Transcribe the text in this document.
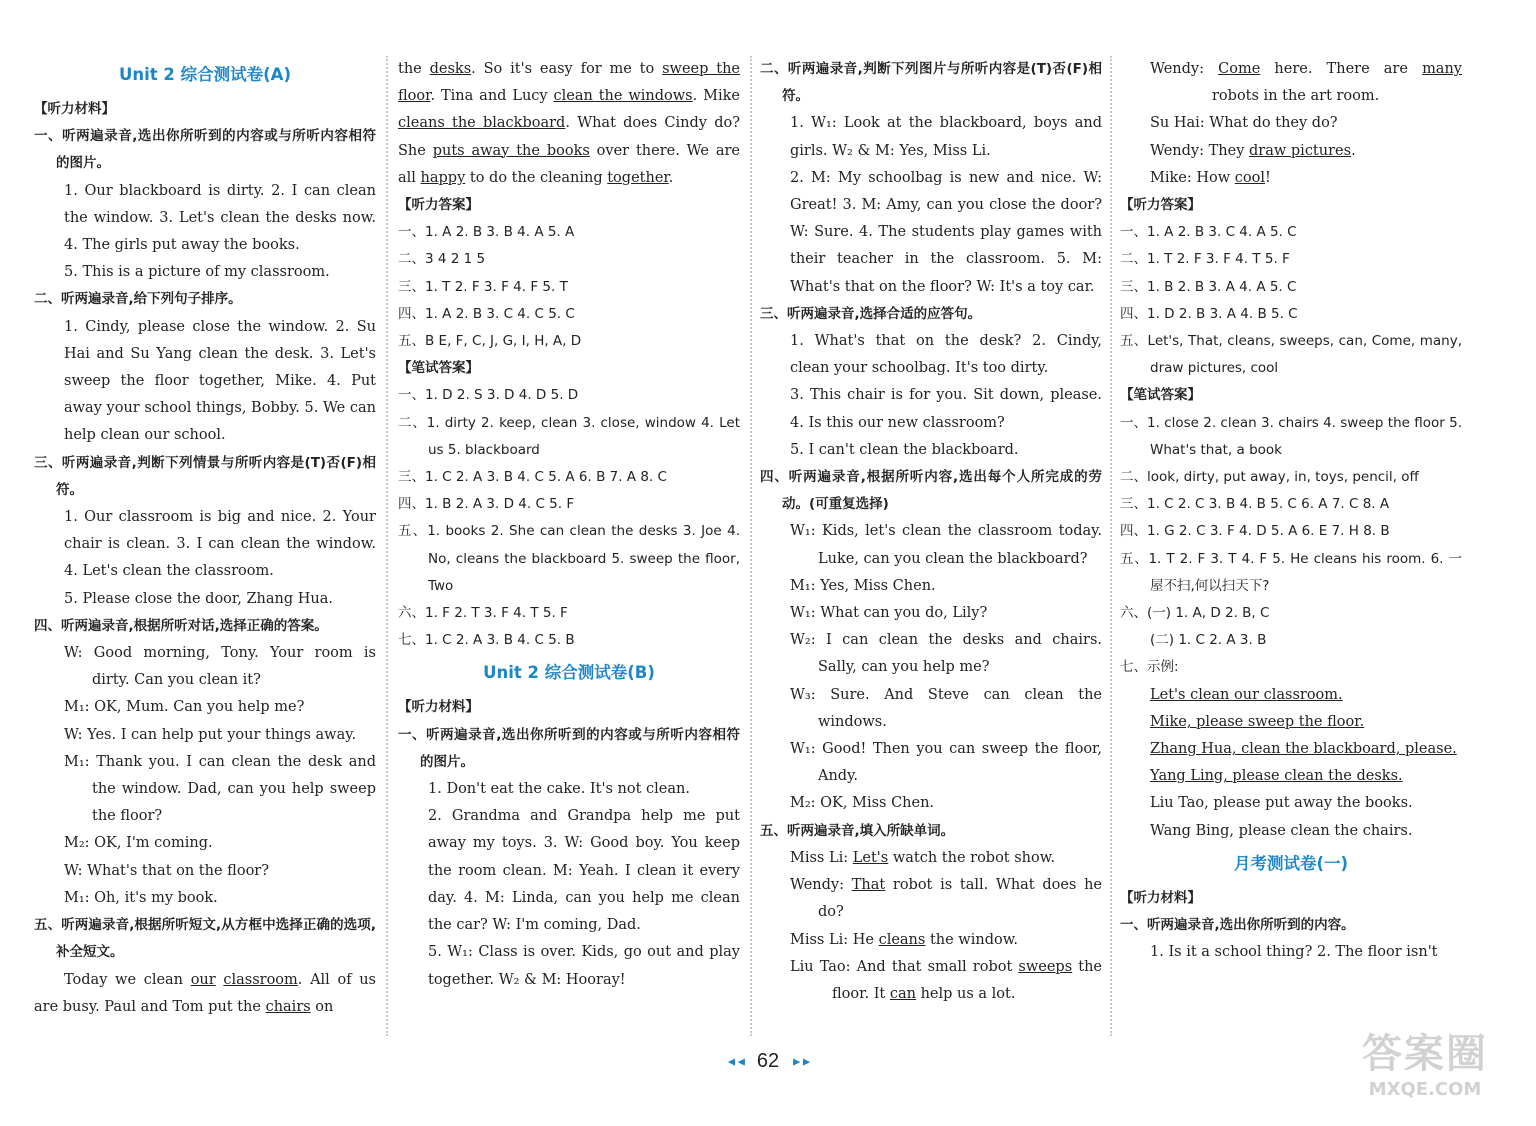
Unit 2 综合测试卷(A)
【听力材料】
一、听两遍录音,选出你所听到的内容或与所听内容相符的图片。
1. Our blackboard is dirty. 2. I can clean the window. 3. Let's clean the desks now. 4. The girls put away the books.
5. This is a picture of my classroom.
二、听两遍录音,给下列句子排序。
1. Cindy, please close the window. 2. Su Hai and Su Yang clean the desk. 3. Let's sweep the floor together, Mike. 4. Put away your school things, Bobby. 5. We can help clean our school.
三、听两遍录音,判断下列情景与所听内容是(T)否(F)相符。
1. Our classroom is big and nice. 2. Your chair is clean. 3. I can clean the window. 4. Let's clean the classroom.
5. Please close the door, Zhang Hua.
四、听两遍录音,根据所听对话,选择正确的答案。
W: Good morning, Tony. Your room is dirty. Can you clean it?
M₁: OK, Mum. Can you help me?
W: Yes. I can help put your things away.
M₁: Thank you. I can clean the desk and the window. Dad, can you help sweep the floor?
M₂: OK, I'm coming.
W: What's that on the floor?
M₁: Oh, it's my book.
五、听两遍录音,根据所听短文,从方框中选择正确的选项,补全短文。
Today we clean our classroom. All of us are busy. Paul and Tom put the chairs on
the desks. So it's easy for me to sweep the floor. Tina and Lucy clean the windows. Mike cleans the blackboard. What does Cindy do? She puts away the books over there. We are all happy to do the cleaning together.
【听力答案】
一、1. A 2. B 3. B 4. A 5. A
二、3 4 2 1 5
三、1. T 2. F 3. F 4. F 5. T
四、1. A 2. B 3. C 4. C 5. C
五、B E, F, C, J, G, I, H, A, D
【笔试答案】
一、1. D 2. S 3. D 4. D 5. D
二、1. dirty 2. keep, clean 3. close, window 4. Let us 5. blackboard
三、1. C 2. A 3. B 4. C 5. A 6. B 7. A 8. C
四、1. B 2. A 3. D 4. C 5. F
五、1. books 2. She can clean the desks 3. Joe 4. No, cleans the blackboard 5. sweep the floor, Two
六、1. F 2. T 3. F 4. T 5. F
七、1. C 2. A 3. B 4. C 5. B
Unit 2 综合测试卷(B)
【听力材料】
一、听两遍录音,选出你所听到的内容或与所听内容相符的图片。
1. Don't eat the cake. It's not clean.
2. Grandma and Grandpa help me put away my toys. 3. W: Good boy. You keep the room clean. M: Yeah. I clean it every day. 4. M: Linda, can you help me clean the car? W: I'm coming, Dad.
5. W₁: Class is over. Kids, go out and play together. W₂ & M: Hooray!
二、听两遍录音,判断下列图片与所听内容是(T)否(F)相符。
1. W₁: Look at the blackboard, boys and girls. W₂ & M: Yes, Miss Li.
2. M: My schoolbag is new and nice. W: Great! 3. M: Amy, can you close the door? W: Sure. 4. The students play games with their teacher in the classroom. 5. M: What's that on the floor? W: It's a toy car.
三、听两遍录音,选择合适的应答句。
1. What's that on the desk? 2. Cindy, clean your schoolbag. It's too dirty.
3. This chair is for you. Sit down, please. 4. Is this our new classroom?
5. I can't clean the blackboard.
四、听两遍录音,根据所听内容,选出每个人所完成的劳动。(可重复选择)
W₁: Kids, let's clean the classroom today. Luke, can you clean the blackboard?
M₁: Yes, Miss Chen.
W₁: What can you do, Lily?
W₂: I can clean the desks and chairs. Sally, can you help me?
W₃: Sure. And Steve can clean the windows.
W₁: Good! Then you can sweep the floor, Andy.
M₂: OK, Miss Chen.
五、听两遍录音,填入所缺单词。
Miss Li: Let's watch the robot show.
Wendy: That robot is tall. What does he do?
Miss Li: He cleans the window.
Liu Tao: And that small robot sweeps the floor. It can help us a lot.
Wendy: Come here. There are many robots in the art room.
Su Hai: What do they do?
Wendy: They draw pictures.
Mike: How cool!
【听力答案】
一、1. A 2. B 3. C 4. A 5. C
二、1. T 2. F 3. F 4. T 5. F
三、1. B 2. B 3. A 4. A 5. C
四、1. D 2. B 3. A 4. B 5. C
五、Let's, That, cleans, sweeps, can, Come, many, draw pictures, cool
【笔试答案】
一、1. close 2. clean 3. chairs 4. sweep the floor 5. What's that, a book
二、look, dirty, put away, in, toys, pencil, off
三、1. C 2. C 3. B 4. B 5. C 6. A 7. C 8. A
四、1. G 2. C 3. F 4. D 5. A 6. E 7. H 8. B
五、1. T 2. F 3. T 4. F 5. He cleans his room. 6. 一屋不扫,何以扫天下?
六、(一) 1. A, D 2. B, C
(二) 1. C 2. A 3. B
七、示例:
Let's clean our classroom.
Mike, please sweep the floor.
Zhang Hua, clean the blackboard, please.
Yang Ling, please clean the desks.
Liu Tao, please put away the books.
Wang Bing, please clean the chairs.
月考测试卷(一)
【听力材料】
一、听两遍录音,选出你所听到的内容。
1. Is it a school thing? 2. The floor isn't
◄◄ 62 ►►	答案圈
MXQE.COM
